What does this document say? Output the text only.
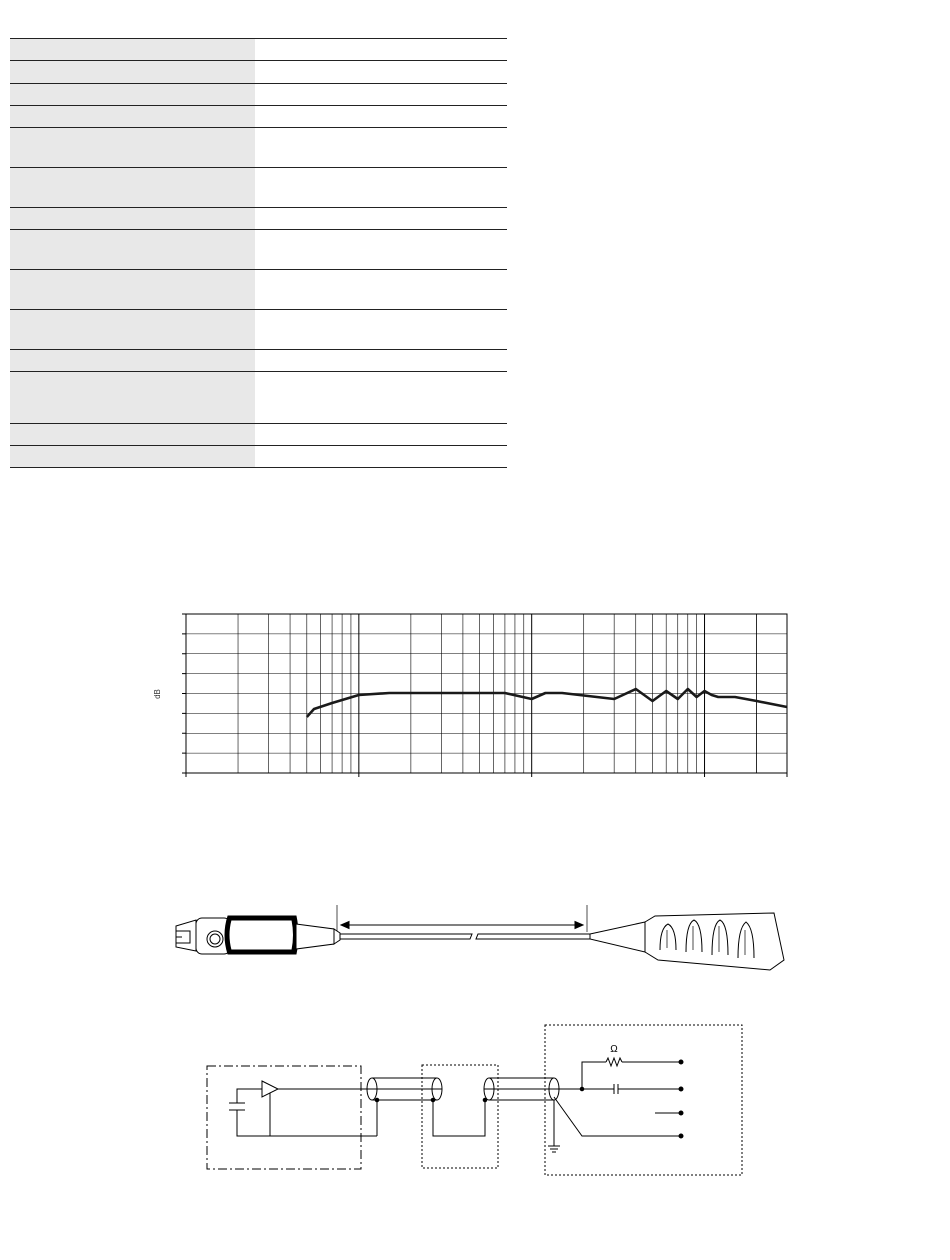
dB
Ω
